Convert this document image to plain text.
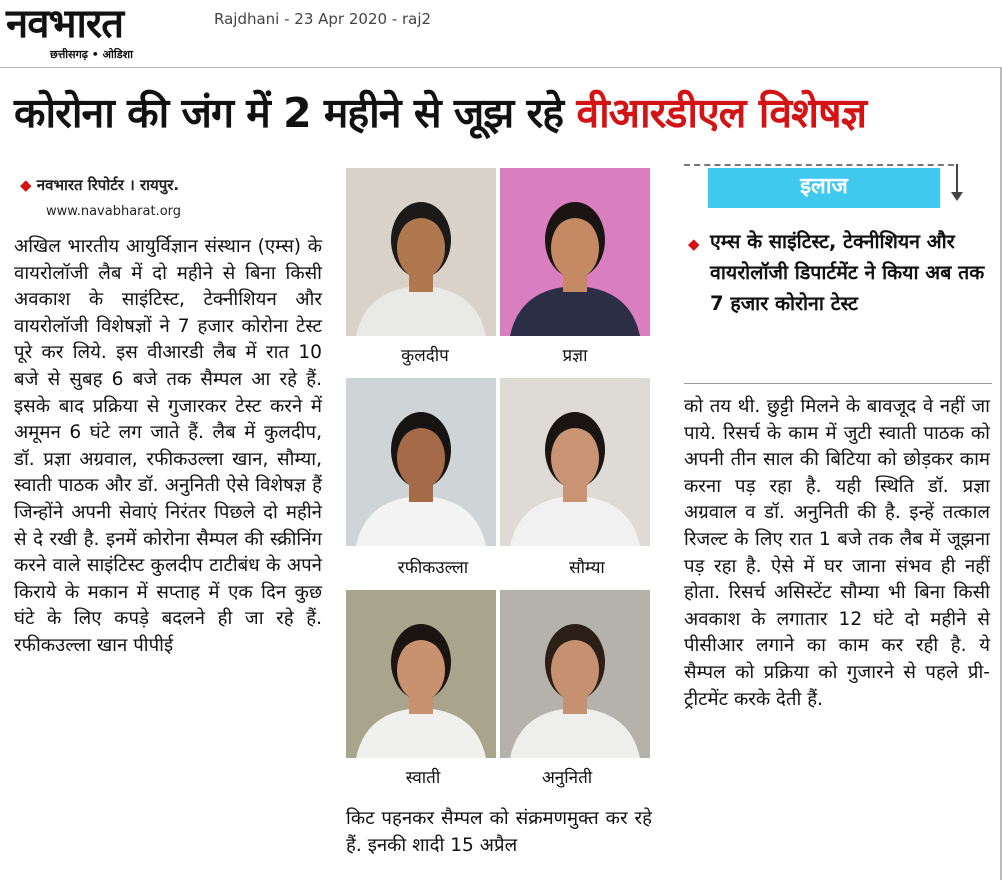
नवभारत
छत्तीसगढ़ • ओडिशा
Rajdhani - 23 Apr 2020 - raj2
कोरोना की जंग में 2 महीने से जूझ रहे वीआरडीएल विशेषज्ञ
◆ नवभारत रिपोर्टर । रायपुर.
www.navabharat.org
अखिल भारतीय आयुर्विज्ञान संस्थान (एम्स) के वायरोलॉजी लैब में दो महीने से बिना किसी अवकाश के साइंटिस्ट, टेक्नीशियन और वायरोलॉजी विशेषज्ञों ने 7 हजार कोरोना टेस्ट पूरे कर लिये. इस वीआरडी लैब में रात 10 बजे से सुबह 6 बजे तक सैम्पल आ रहे हैं. इसके बाद प्रक्रिया से गुजारकर टेस्ट करने में अमूमन 6 घंटे लग जाते हैं. लैब में कुलदीप, डॉ. प्रज्ञा अग्रवाल, रफीकउल्ला खान, सौम्या, स्वाती पाठक और डॉ. अनुनिती ऐसे विशेषज्ञ हैं जिन्होंने अपनी सेवाएं निरंतर पिछले दो महीने से दे रखी है. इनमें कोरोना सैम्पल की स्क्रीनिंग करने वाले साइंटिस्ट कुलदीप टाटीबंध के अपने किराये के मकान में सप्ताह में एक दिन कुछ घंटे के लिए कपड़े बदलने ही जा रहे हैं. रफीकउल्ला खान पीपीई
किट पहनकर सैम्पल को संक्रमणमुक्त कर रहे हैं. इनकी शादी 15 अप्रैल
को तय थी. छुट्टी मिलने के बावजूद वे नहीं जा पाये. रिसर्च के काम में जुटी स्वाती पाठक को अपनी तीन साल की बिटिया को छोड़कर काम करना पड़ रहा है. यही स्थिति डॉ. प्रज्ञा अग्रवाल व डॉ. अनुनिती की है. इन्हें तत्काल रिजल्ट के लिए रात 1 बजे तक लैब में जूझना पड़ रहा है. ऐसे में घर जाना संभव ही नहीं होता. रिसर्च असिस्टेंट सौम्या भी बिना किसी अवकाश के लगातार 12 घंटे दो महीने से पीसीआर लगाने का काम कर रही है. ये सैम्पल को प्रक्रिया को गुजारने से पहले प्री-ट्रीटमेंट करके देती हैं.
कुलदीप	प्रज्ञा
रफीकउल्ला	सौम्या
स्वाती	अनुनिती
इलाज
◆ एम्स के साइंटिस्ट, टेक्नीशियन और वायरोलॉजी डिपार्टमेंट ने किया अब तक 7 हजार कोरोना टेस्ट
